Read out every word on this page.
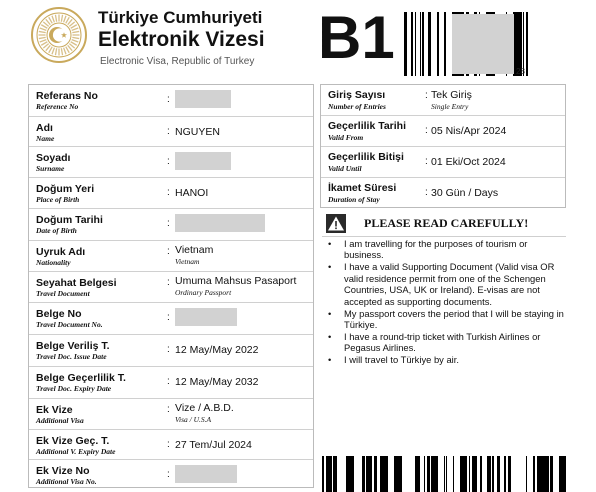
Türkiye Cumhuriyeti
Elektronik Vizesi
Electronic Visa, Republic of Turkey B1
28
Referans No
Reference No
:
Adı
Name
: NGUYEN
Soyadı
Surname
:
Doğum Yeri
Place of Birth
: HANOI
Doğum Tarihi
Date of Birth
:
Uyruk Adı
Nationality
: Vietnam
Vietnam
Seyahat Belgesi
Travel Document
: Umuma Mahsus Pasaport
Ordinary Passport
Belge No
Travel Document No.
:
Belge Veriliş T.
Travel Doc. Issue Date
: 12 May/May 2022
Belge Geçerlilik T.
Travel Doc. Expiry Date
: 12 May/May 2032
Ek Vize
Additional Visa
: Vize / A.B.D.
Visa / U.S.A
Ek Vize Geç. T.
Additional V. Expiry Date
: 27 Tem/Jul 2024
Ek Vize No
Additional Visa No.
:
Giriş Sayısı
Number of Entries
: Tek Giriş
Single Entry
Geçerlilik Tarihi
Valid From
: 05 Nis/Apr 2024
Geçerlilik Bitişi
Valid Until
: 01 Eki/Oct 2024
İkamet Süresi
Duration of Stay
: 30 Gün / Days
PLEASE READ CAREFULLY!
• I am travelling for the purposes of tourism or business.
• I have a valid Supporting Document (Valid visa OR valid residence permit from one of the Schengen Countries, USA, UK or Ireland). E-visas are not accepted as supporting documents.
• My passport covers the period that I will be staying in Türkiye.
• I have a round-trip ticket with Turkish Airlines or Pegasus Airlines.
• I will travel to Türkiye by air.
